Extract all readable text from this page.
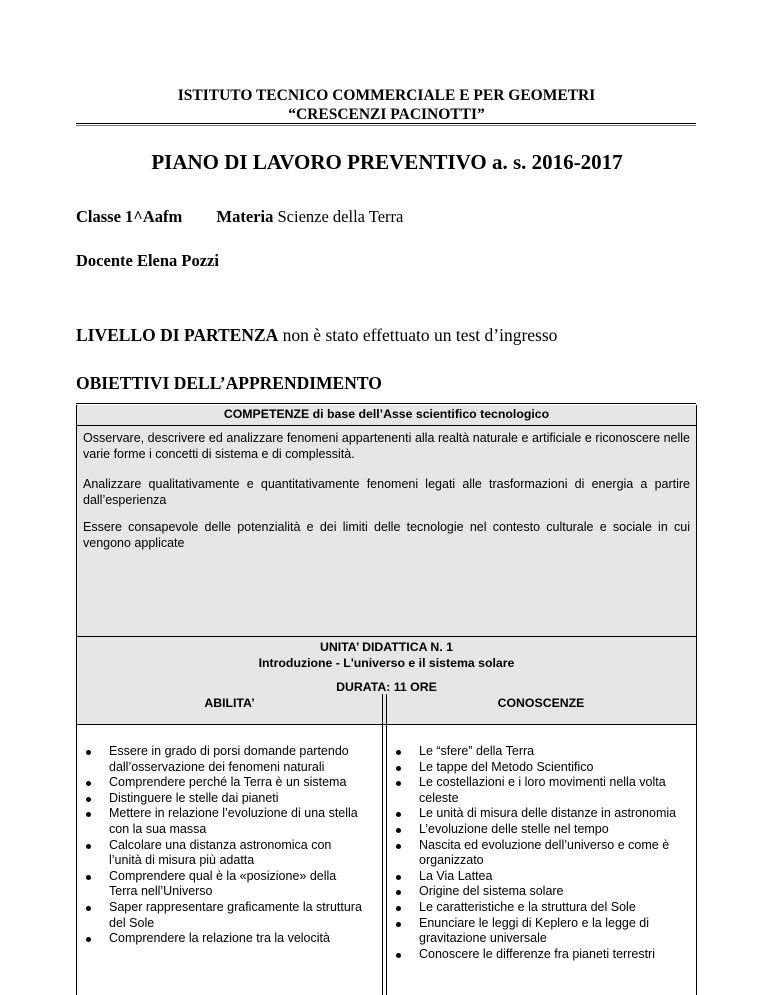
ISTITUTO TECNICO COMMERCIALE E PER GEOMETRI
“CRESCENZI PACINOTTI”
PIANO DI LAVORO PREVENTIVO a. s. 2016-2017
Classe 1^Aafm Materia Scienze della Terra
Docente Elena Pozzi
LIVELLO DI PARTENZA non è stato effettuato un test d’ingresso
OBIETTIVI DELL’APPRENDIMENTO
COMPETENZE di base dell’Asse scientifico tecnologico
Osservare, descrivere ed analizzare fenomeni appartenenti alla realtà naturale e artificiale e riconoscere nelle varie forme i concetti di sistema e di complessità.
Analizzare qualitativamente e quantitativamente fenomeni legati alle trasformazioni di energia a partire dall’esperienza
Essere consapevole delle potenzialità e dei limiti delle tecnologie nel contesto culturale e sociale in cui vengono applicate
UNITA’ DIDATTICA N. 1
Introduzione - L'universo e il sistema solare
DURATA: 11 ORE
ABILITA’	CONOSCENZE
Essere in grado di porsi domande partendo dall’osservazione dei fenomeni naturali
Comprendere perché la Terra è un sistema
Distinguere le stelle dai pianeti
Mettere in relazione l’evoluzione di una stella con la sua massa
Calcolare una distanza astronomica con l’unità di misura più adatta
Comprendere qual è la «posizione» della Terra nell’Universo
Saper rappresentare graficamente la struttura del Sole
Comprendere la relazione tra la velocità
Le “sfere” della Terra
Le tappe del Metodo Scientifico
Le costellazioni e i loro movimenti nella volta celeste
Le unità di misura delle distanze in astronomia
L’evoluzione delle stelle nel tempo
Nascita ed evoluzione dell’universo e come è organizzato
La Via Lattea
Origine del sistema solare
Le caratteristiche e la struttura del Sole
Enunciare le leggi di Keplero e la legge di gravitazione universale
Conoscere le differenze fra pianeti terrestri
